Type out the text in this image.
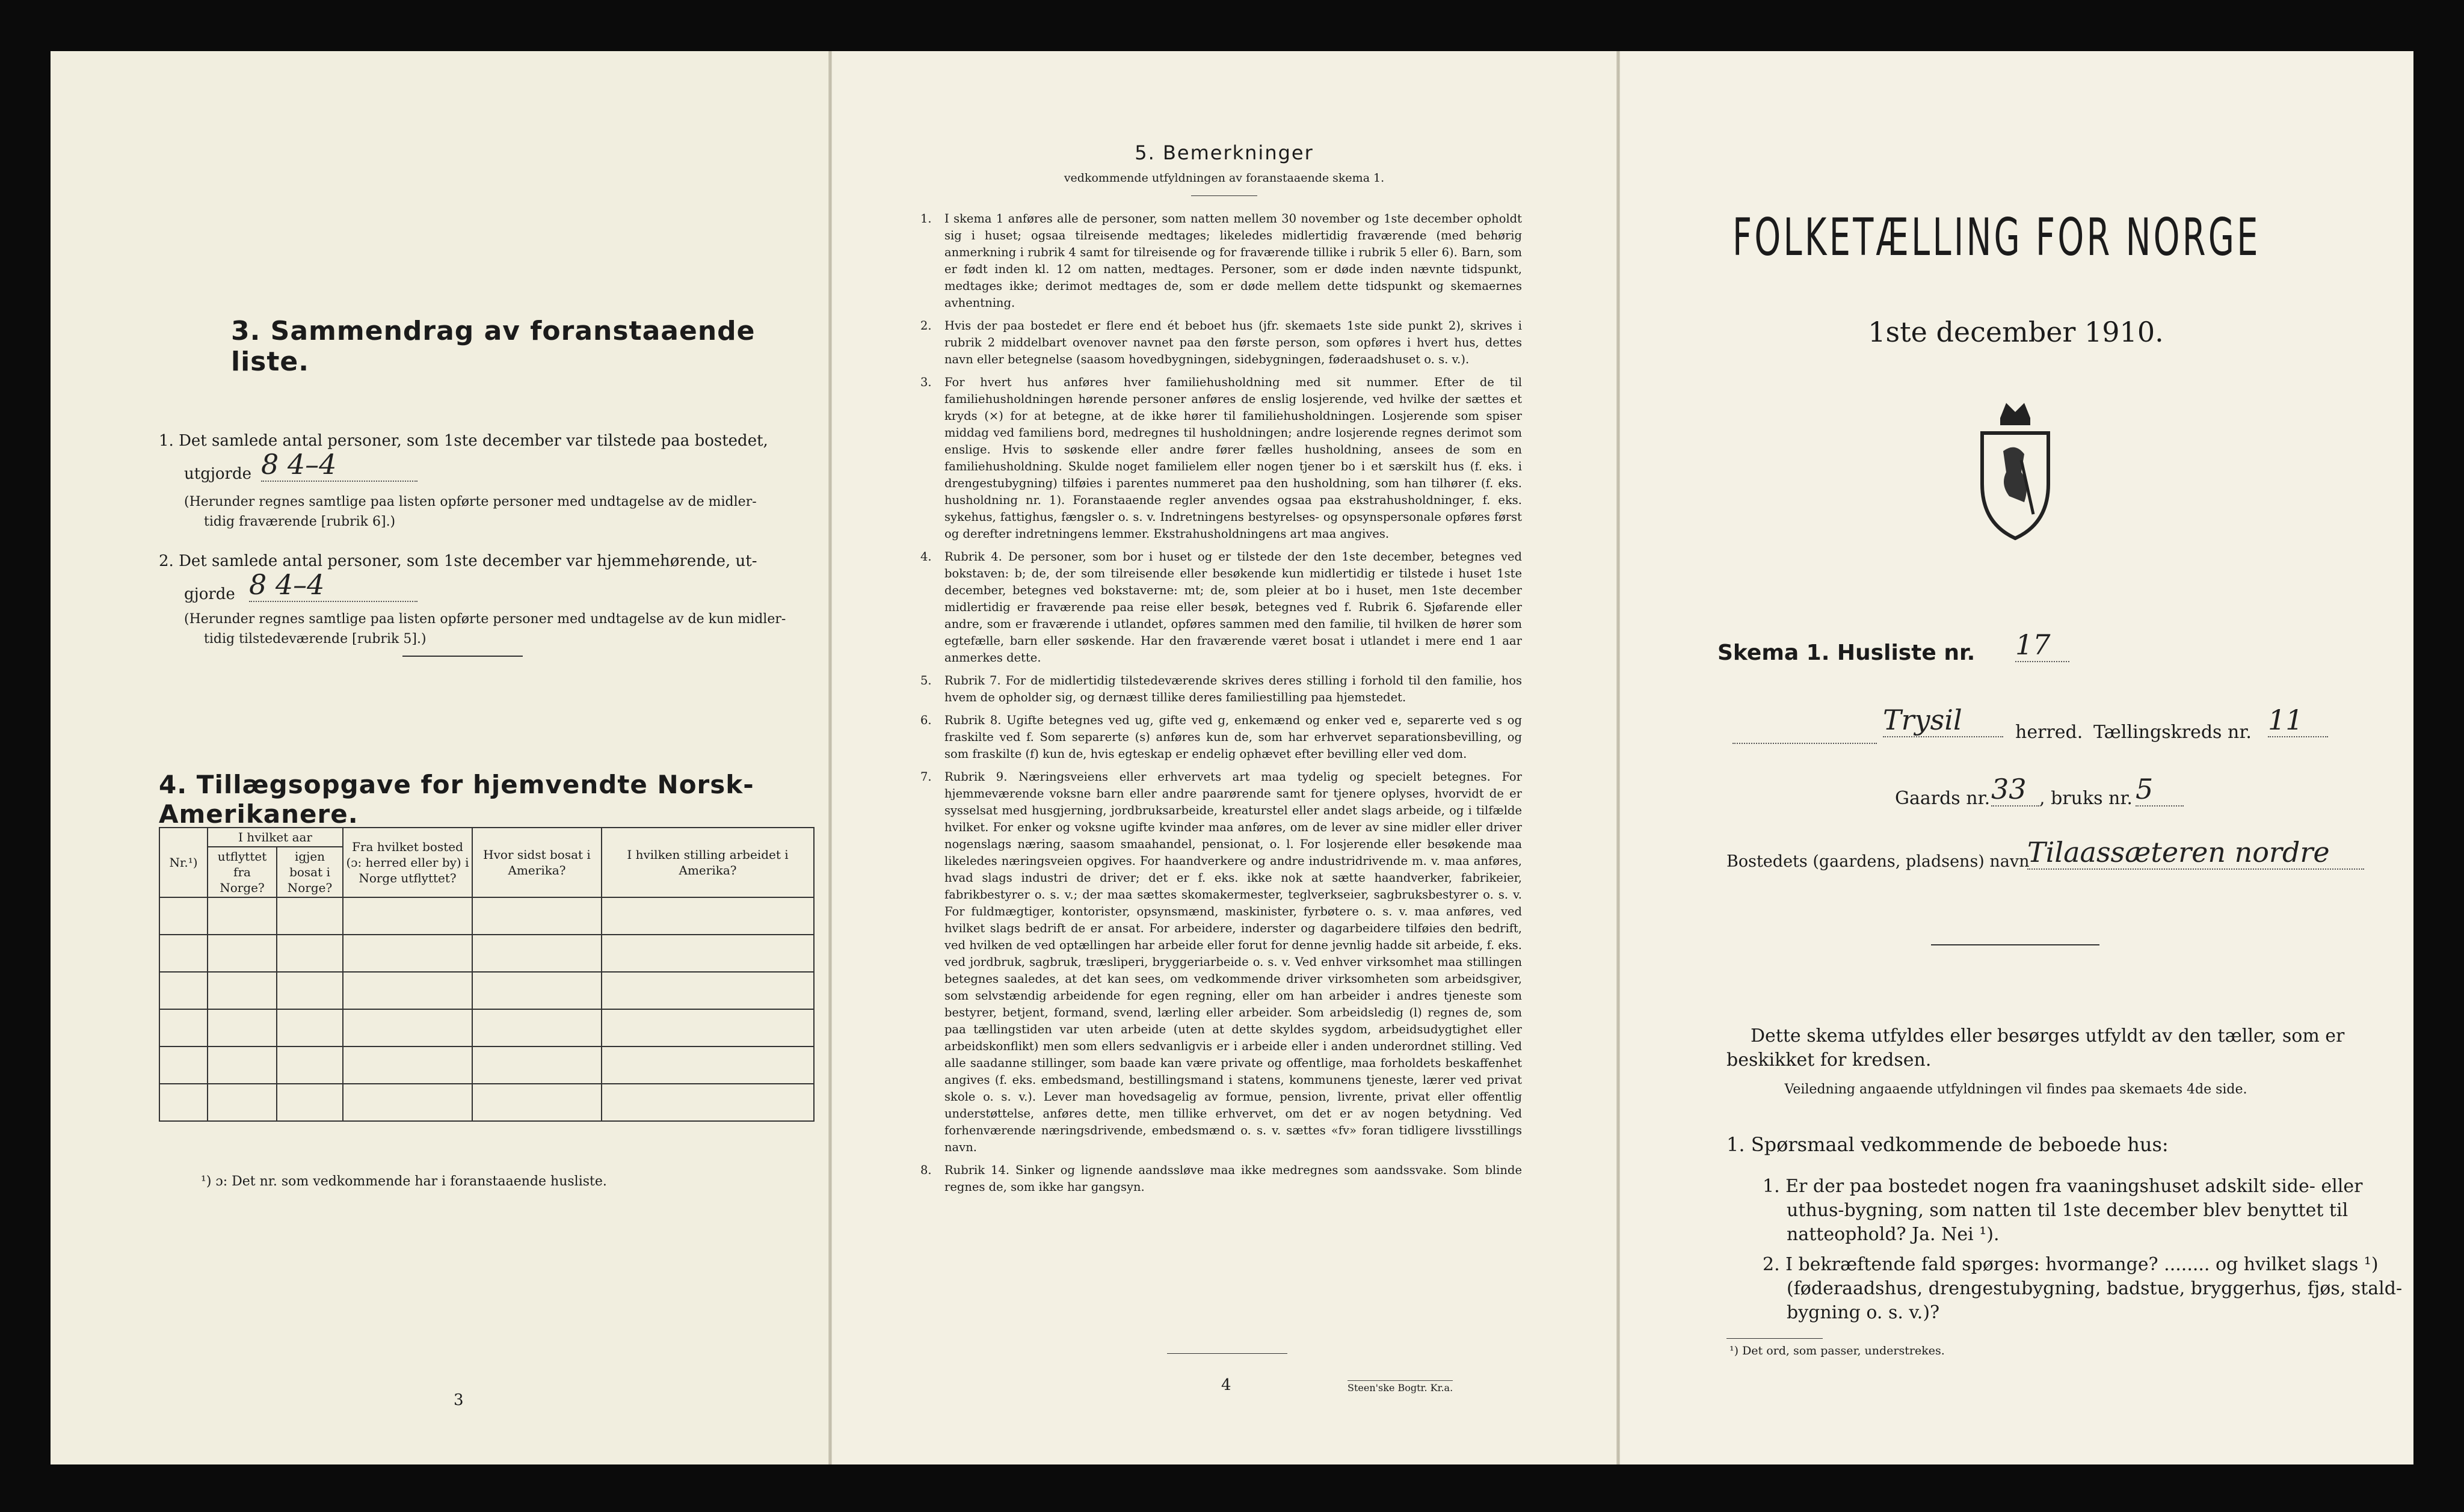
3. Sammendrag av foranstaaende liste.
1. Det samlede antal personer, som 1ste december var tilstede paa bostedet,
utgjorde 8 4–4
(Herunder regnes samtlige paa listen opførte personer med undtagelse av de midler-
tidig fraværende [rubrik 6].)
2. Det samlede antal personer, som 1ste december var hjemmehørende, ut-
gjorde 8 4–4
(Herunder regnes samtlige paa listen opførte personer med undtagelse av de kun midler-
tidig tilstedeværende [rubrik 5].)
4. Tillægsopgave for hjemvendte Norsk-Amerikanere.
Nr.¹)	I hvilket aar		Fra hvilket bosted (ɔ: herred eller by) i Norge utflyttet?	Hvor sidst bosat i Amerika?	I hvilken stilling arbeidet i Amerika?
	utflyttet fra Norge?	igjen bosat i Norge?			

¹) ɔ: Det nr. som vedkommende har i foranstaaende husliste.
3
5. Bemerkninger
vedkommende utfyldningen av foranstaaende skema 1.
1. I skema 1 anføres alle de personer, som natten mellem 30 november og 1ste december opholdt sig i huset; ogsaa tilreisende medtages; likeledes midlertidig fraværende (med behørig anmerkning i rubrik 4 samt for tilreisende og for fraværende tillike i rubrik 5 eller 6). Barn, som er født inden kl. 12 om natten, medtages. Personer, som er døde inden nævnte tidspunkt, medtages ikke; derimot medtages de, som er døde mellem dette tidspunkt og skemaernes avhentning.
2. Hvis der paa bostedet er flere end ét beboet hus (jfr. skemaets 1ste side punkt 2), skrives i rubrik 2 middelbart ovenover navnet paa den første person, som opføres i hvert hus, dettes navn eller betegnelse (saasom hovedbygningen, sidebygningen, føderaadshuset o. s. v.).
3. For hvert hus anføres hver familiehusholdning med sit nummer. Efter de til familiehusholdningen hørende personer anføres de enslig losjerende, ved hvilke der sættes et kryds (×) for at betegne, at de ikke hører til familiehusholdningen. Losjerende som spiser middag ved familiens bord, medregnes til husholdningen; andre losjerende regnes derimot som enslige. Hvis to søskende eller andre fører fælles husholdning, ansees de som en familiehusholdning. Skulde noget familielem eller nogen tjener bo i et særskilt hus (f. eks. i drengestubygning) tilføies i parentes nummeret paa den husholdning, som han tilhører (f. eks. husholdning nr. 1). Foranstaaende regler anvendes ogsaa paa ekstrahusholdninger, f. eks. sykehus, fattighus, fængsler o. s. v. Indretningens bestyrelses- og opsynspersonale opføres først og derefter indretningens lemmer. Ekstrahusholdningens art maa angives.
4. Rubrik 4. De personer, som bor i huset og er tilstede der den 1ste december, betegnes ved bokstaven: b; de, der som tilreisende eller besøkende kun midlertidig er tilstede i huset 1ste december, betegnes ved bokstaverne: mt; de, som pleier at bo i huset, men 1ste december midlertidig er fraværende paa reise eller besøk, betegnes ved f. Rubrik 6. Sjøfarende eller andre, som er fraværende i utlandet, opføres sammen med den familie, til hvilken de hører som egtefælle, barn eller søskende. Har den fraværende været bosat i utlandet i mere end 1 aar anmerkes dette.
5. Rubrik 7. For de midlertidig tilstedeværende skrives deres stilling i forhold til den familie, hos hvem de opholder sig, og dernæst tillike deres familiestilling paa hjemstedet.
6. Rubrik 8. Ugifte betegnes ved ug, gifte ved g, enkemænd og enker ved e, separerte ved s og fraskilte ved f. Som separerte (s) anføres kun de, som har erhvervet separationsbevilling, og som fraskilte (f) kun de, hvis egteskap er endelig ophævet efter bevilling eller ved dom.
7. Rubrik 9. Næringsveiens eller erhvervets art maa tydelig og specielt betegnes. For hjemmeværende voksne barn eller andre paarørende samt for tjenere oplyses, hvorvidt de er sysselsat med husgjerning, jordbruksarbeide, kreaturstel eller andet slags arbeide, og i tilfælde hvilket. For enker og voksne ugifte kvinder maa anføres, om de lever av sine midler eller driver nogenslags næring, saasom smaahandel, pensionat, o. l. For losjerende eller besøkende maa likeledes næringsveien opgives. For haandverkere og andre industridrivende m. v. maa anføres, hvad slags industri de driver; det er f. eks. ikke nok at sætte haandverker, fabrikeier, fabrikbestyrer o. s. v.; der maa sættes skomakermester, teglverkseier, sagbruksbestyrer o. s. v. For fuldmægtiger, kontorister, opsynsmænd, maskinister, fyrbøtere o. s. v. maa anføres, ved hvilket slags bedrift de er ansat. For arbeidere, inderster og dagarbeidere tilføies den bedrift, ved hvilken de ved optællingen har arbeide eller forut for denne jevnlig hadde sit arbeide, f. eks. ved jordbruk, sagbruk, træsliperi, bryggeriarbeide o. s. v. Ved enhver virksomhet maa stillingen betegnes saaledes, at det kan sees, om vedkommende driver virksomheten som arbeidsgiver, som selvstændig arbeidende for egen regning, eller om han arbeider i andres tjeneste som bestyrer, betjent, formand, svend, lærling eller arbeider. Som arbeidsledig (l) regnes de, som paa tællingstiden var uten arbeide (uten at dette skyldes sygdom, arbeidsudygtighet eller arbeidskonflikt) men som ellers sedvanligvis er i arbeide eller i anden underordnet stilling. Ved alle saadanne stillinger, som baade kan være private og offentlige, maa forholdets beskaffenhet angives (f. eks. embedsmand, bestillingsmand i statens, kommunens tjeneste, lærer ved privat skole o. s. v.). Lever man hovedsagelig av formue, pension, livrente, privat eller offentlig understøttelse, anføres dette, men tillike erhvervet, om det er av nogen betydning. Ved forhenværende næringsdrivende, embedsmænd o. s. v. sættes «fv» foran tidligere livsstillings navn.
8. Rubrik 14. Sinker og lignende aandssløve maa ikke medregnes som aandssvake. Som blinde regnes de, som ikke har gangsyn.
4	Steen'ske Bogtr. Kr.a.
FOLKETÆLLING FOR NORGE
1ste december 1910.
Skema 1. Husliste nr. 17
Trysil	herred. Tællingskreds nr. 11
Gaards nr. 33 , bruks nr. 5
Bostedets (gaardens, pladsens) navn
Tilaassæteren nordre
Dette skema utfyldes eller besørges utfyldt av den tæller, som er
beskikket for kredsen.
Veiledning angaaende utfyldningen vil findes paa skemaets 4de side.
1. Spørsmaal vedkommende de beboede hus:
1. Er der paa bostedet nogen fra vaaningshuset adskilt side- eller
uthus-bygning, som natten til 1ste december blev benyttet til
natteophold? Ja. Nei ¹).
2. I bekræftende fald spørges: hvormange? ........ og hvilket slags ¹)
(føderaadshus, drengestubygning, badstue, bryggerhus, fjøs, stald-
bygning o. s. v.)?
¹) Det ord, som passer, understrekes.
